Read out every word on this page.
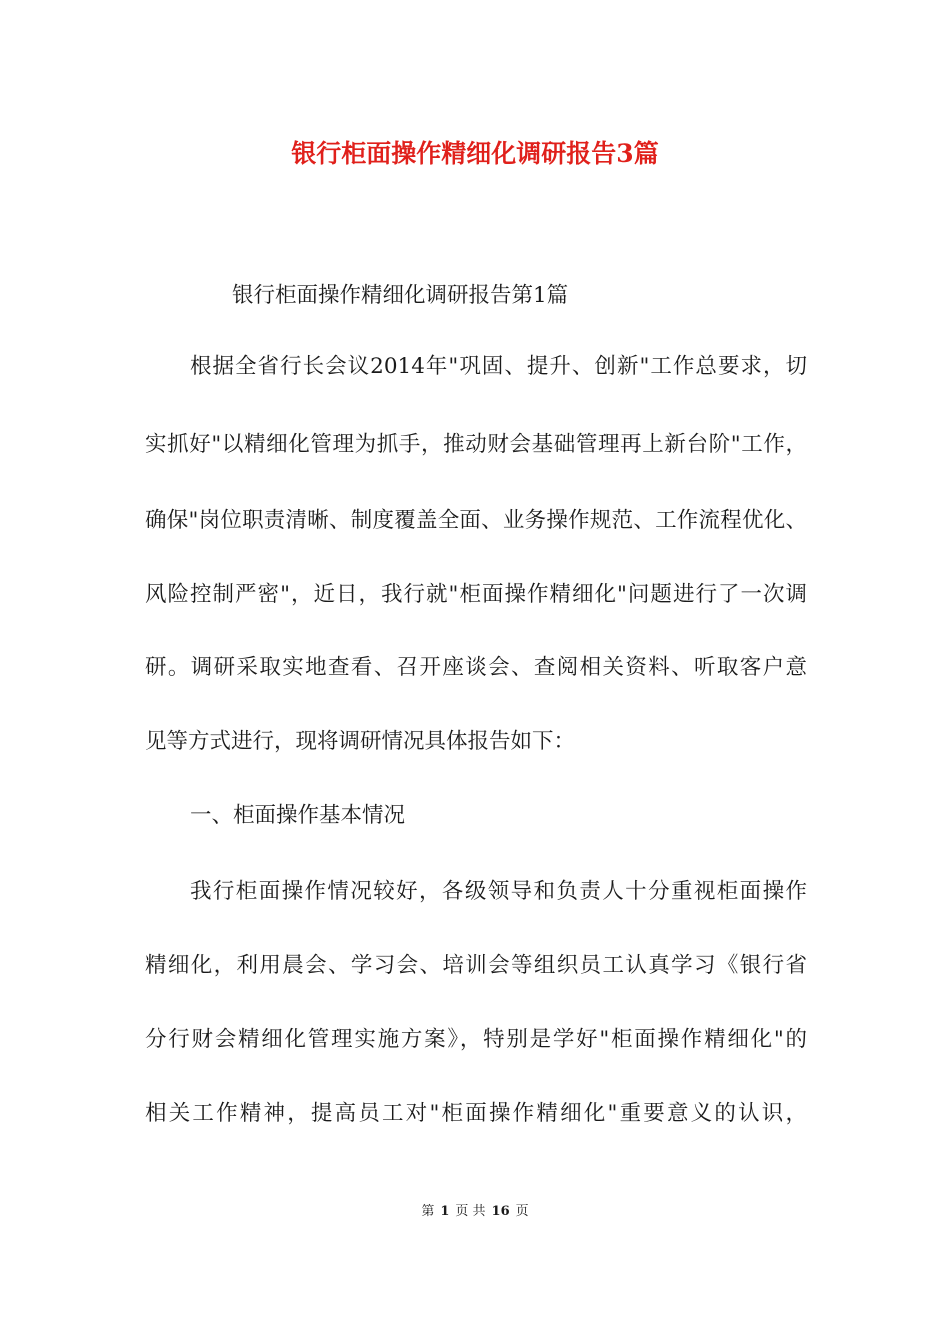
银行柜面操作精细化调研报告3篇
银行柜面操作精细化调研报告第1篇
根据全省行长会议2014年"巩固、提升、创新"工作总要求，切
实抓好"以精细化管理为抓手，推动财会基础管理再上新台阶"工作，
确保"岗位职责清晰、制度覆盖全面、业务操作规范、工作流程优化、
风险控制严密"，近日，我行就"柜面操作精细化"问题进行了一次调
研。调研采取实地查看、召开座谈会、查阅相关资料、听取客户意
见等方式进行，现将调研情况具体报告如下：
一、柜面操作基本情况
我行柜面操作情况较好，各级领导和负责人十分重视柜面操作
精细化，利用晨会、学习会、培训会等组织员工认真学习《银行省
分行财会精细化管理实施方案》，特别是学好"柜面操作精细化"的
相关工作精神，提高员工对"柜面操作精细化"重要意义的认识，
第 1 页 共 16 页
